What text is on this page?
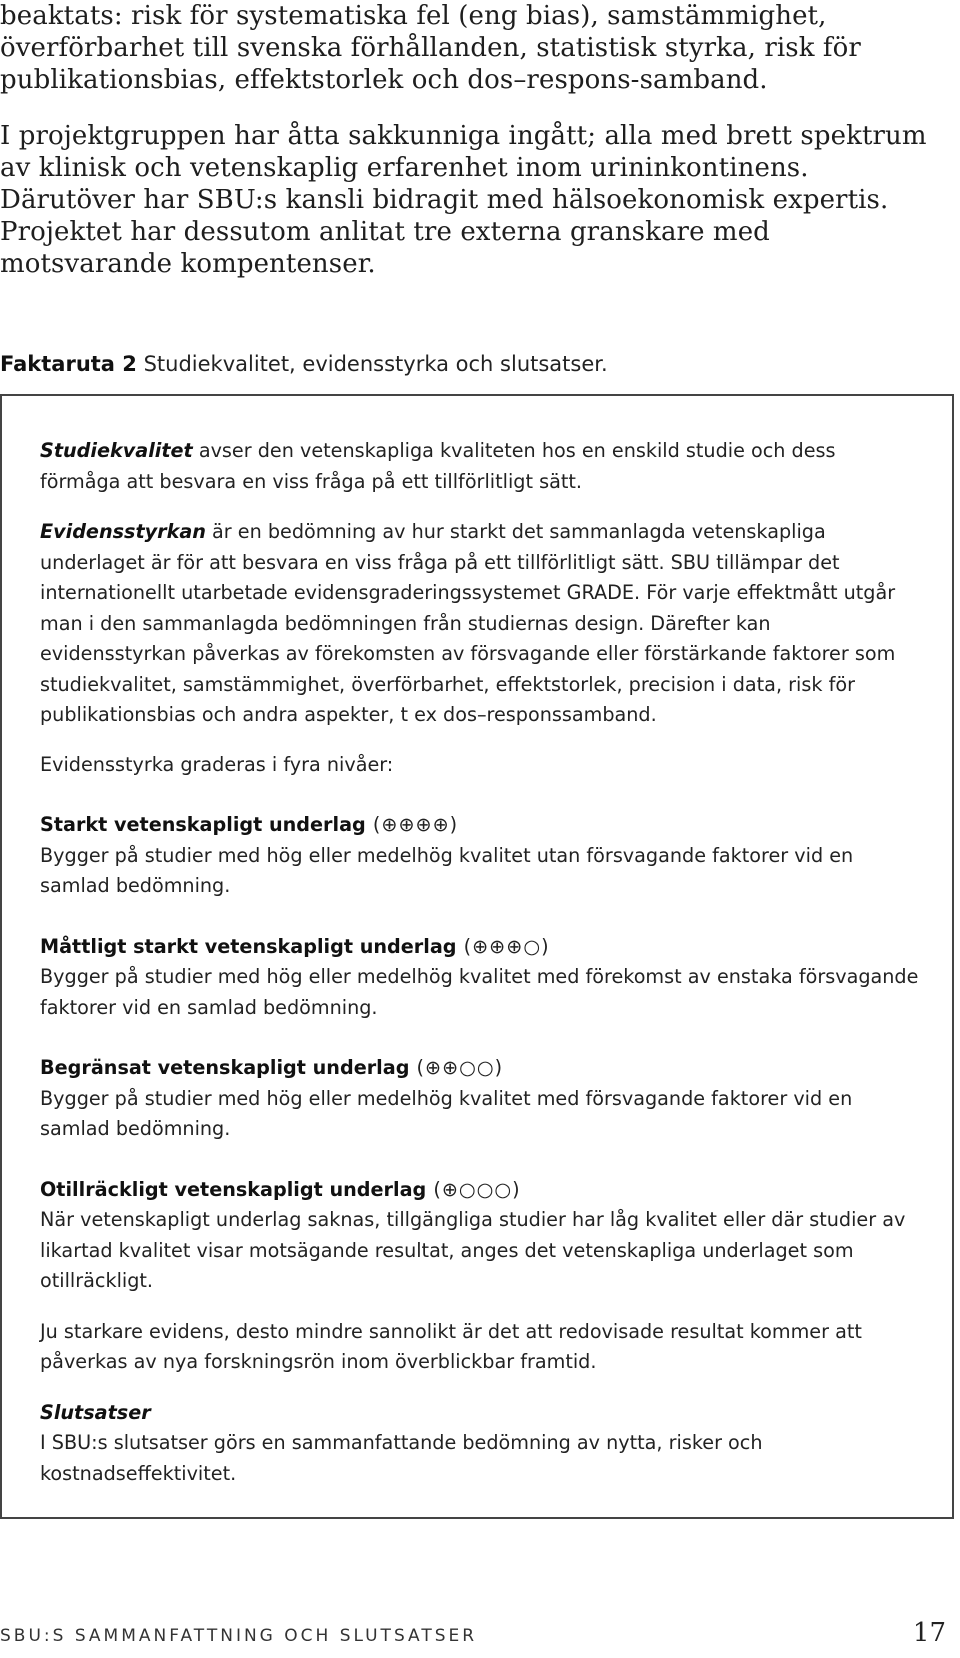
beaktats: risk för systematiska fel (eng bias), samstämmighet, överförbarhet till svenska förhållanden, statistisk styrka, risk för publikationsbias, effektstorlek och dos–respons-samband.

I projektgruppen har åtta sakkunniga ingått; alla med brett spektrum av klinisk och vetenskaplig erfarenhet inom urininkontinens. Därutöver har SBU:s kansli bidragit med hälsoekonomisk expertis. Projektet har dessutom anlitat tre externa granskare med motsvarande kompentenser.

Faktaruta 2 Studiekvalitet, evidensstyrka och slutsatser.

Studiekvalitet avser den vetenskapliga kvaliteten hos en enskild studie och dess förmåga att besvara en viss fråga på ett tillförlitligt sätt.

Evidensstyrkan är en bedömning av hur starkt det sammanlagda vetenskapliga underlaget är för att besvara en viss fråga på ett tillförlitligt sätt. SBU tillämpar det internationellt utarbetade evidensgraderingssystemet GRADE. För varje effektmått utgår man i den sammanlagda bedömningen från studiernas design. Därefter kan evidensstyrkan påverkas av förekomsten av försvagande eller förstärkande faktorer som studiekvalitet, samstämmighet, överförbarhet, effektstorlek, precision i data, risk för publikationsbias och andra aspekter, t ex dos–responssamband.

Evidensstyrka graderas i fyra nivåer:

Starkt vetenskapligt underlag (⊕⊕⊕⊕)

Bygger på studier med hög eller medelhög kvalitet utan försvagande faktorer vid en samlad bedömning.

Måttligt starkt vetenskapligt underlag (⊕⊕⊕○)

Bygger på studier med hög eller medelhög kvalitet med förekomst av enstaka försvagande faktorer vid en samlad bedömning.

Begränsat vetenskapligt underlag (⊕⊕○○)

Bygger på studier med hög eller medelhög kvalitet med försvagande faktorer vid en samlad bedömning.

Otillräckligt vetenskapligt underlag (⊕○○○)

När vetenskapligt underlag saknas, tillgängliga studier har låg kvalitet eller där studier av likartad kvalitet visar motsägande resultat, anges det vetenskapliga underlaget som otillräckligt.

Ju starkare evidens, desto mindre sannolikt är det att redovisade resultat kommer att påverkas av nya forskningsrön inom överblickbar framtid.

Slutsatser

I SBU:s slutsatser görs en sammanfattande bedömning av nytta, risker och kostnadseffektivitet.

SBU:S SAMMANFATTNING OCH SLUTSATSER	17
